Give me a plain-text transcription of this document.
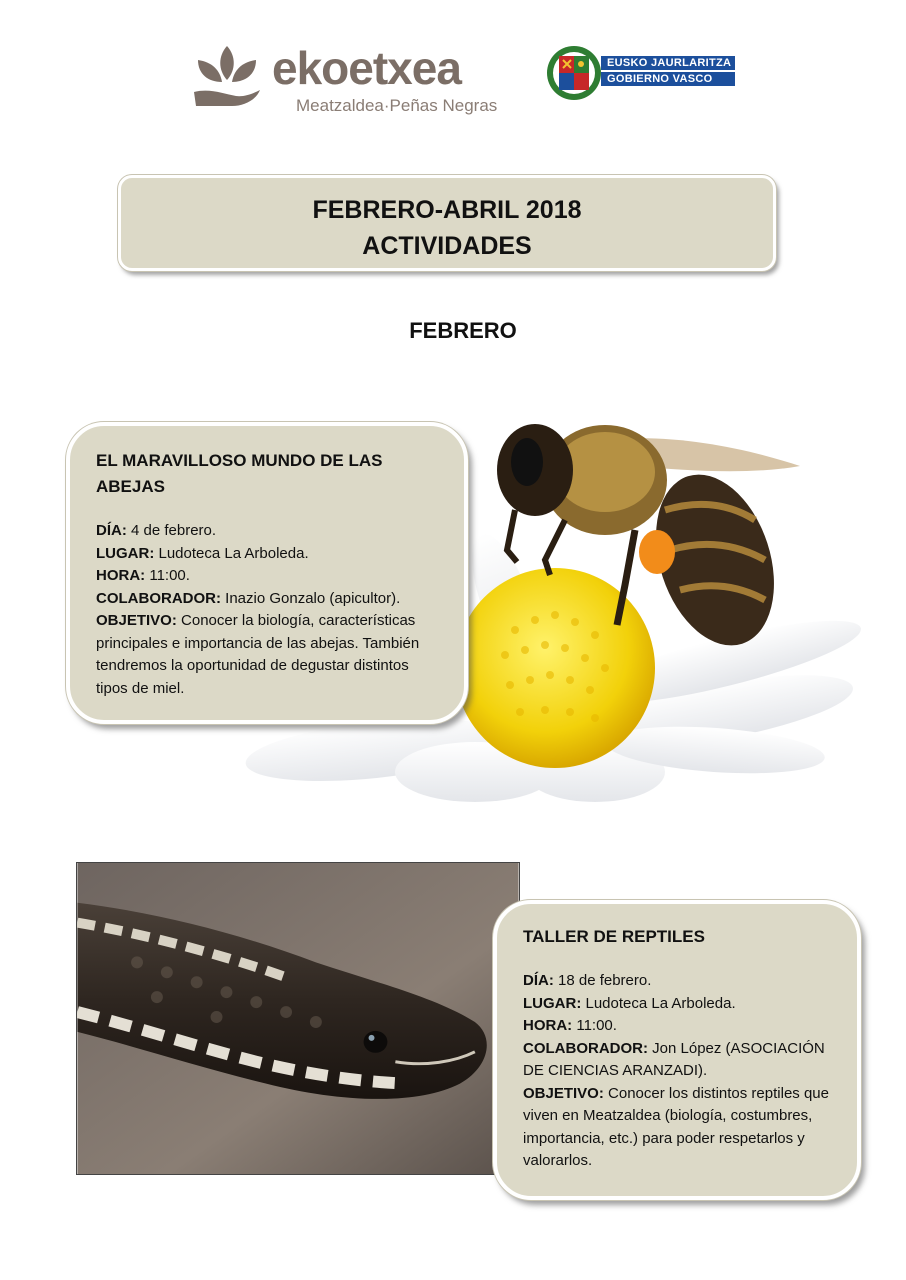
ekoetxea
Meatzaldea·Peñas Negras
EUSKO JAURLARITZA
GOBIERNO VASCO
FEBRERO-ABRIL 2018
ACTIVIDADES
FEBRERO
EL MARAVILLOSO MUNDO DE LAS ABEJAS
DÍA: 4 de febrero.
LUGAR: Ludoteca La Arboleda.
HORA: 11:00.
COLABORADOR: Inazio Gonzalo (apicultor).
OBJETIVO: Conocer la biología, características principales e importancia de las abejas. También tendremos la oportunidad de degustar distintos tipos de miel.
TALLER DE REPTILES
DÍA: 18 de febrero.
LUGAR: Ludoteca La Arboleda.
HORA: 11:00.
COLABORADOR: Jon López (ASOCIACIÓN DE CIENCIAS ARANZADI).
OBJETIVO: Conocer los distintos reptiles que viven en Meatzaldea (biología, costumbres, importancia, etc.) para poder respetarlos y valorarlos.
